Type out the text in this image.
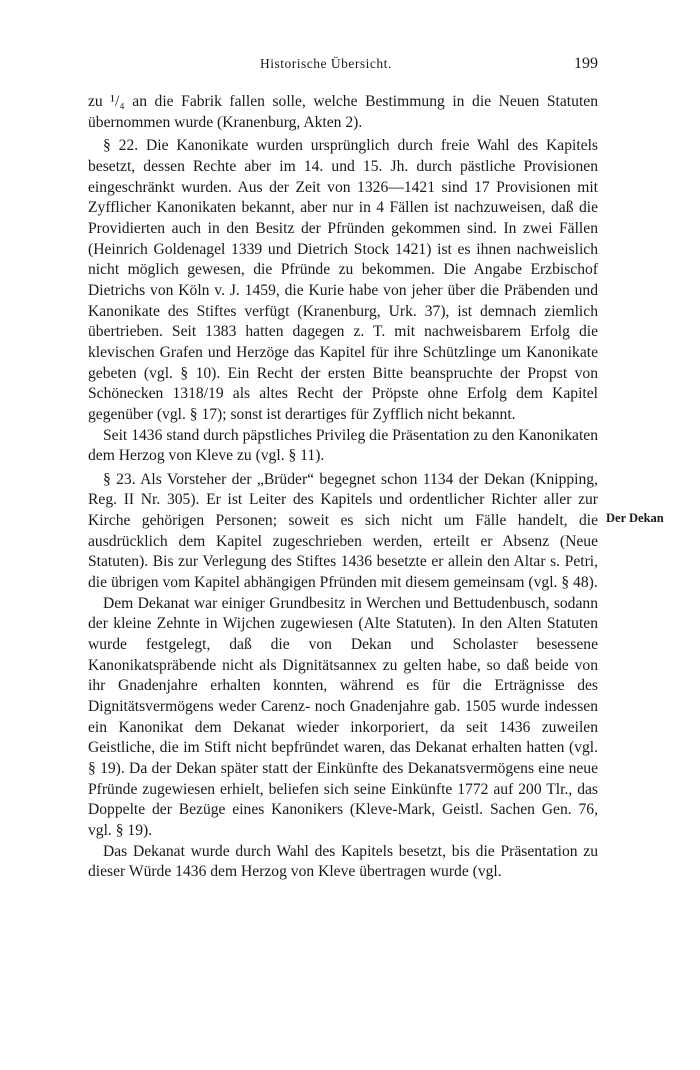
Historische Übersicht.	199

zu ¹/₄ an die Fabrik fallen solle, welche Bestimmung in die Neuen Statuten übernommen wurde (Kranenburg, Akten 2).

§ 22. Die Kanonikate wurden ursprünglich durch freie Wahl des Kapitels besetzt, dessen Rechte aber im 14. und 15. Jh. durch pästliche Provisionen eingeschränkt wurden. Aus der Zeit von 1326—1421 sind 17 Provisionen mit Zyfflicher Kanonikaten bekannt, aber nur in 4 Fällen ist nachzuweisen, daß die Providierten auch in den Besitz der Pfründen gekommen sind. In zwei Fällen (Heinrich Goldenagel 1339 und Dietrich Stock 1421) ist es ihnen nachweislich nicht möglich gewesen, die Pfründe zu bekommen. Die Angabe Erzbischof Dietrichs von Köln v. J. 1459, die Kurie habe von jeher über die Präbenden und Kanonikate des Stiftes verfügt (Kranenburg, Urk. 37), ist demnach ziemlich übertrieben. Seit 1383 hatten dagegen z. T. mit nachweisbarem Erfolg die klevischen Grafen und Herzöge das Kapitel für ihre Schützlinge um Kanonikate gebeten (vgl. § 10). Ein Recht der ersten Bitte beanspruchte der Propst von Schönecken 1318/19 als altes Recht der Pröpste ohne Erfolg dem Kapitel gegenüber (vgl. § 17); sonst ist derartiges für Zyfflich nicht bekannt.

Seit 1436 stand durch päpstliches Privileg die Präsentation zu den Kanonikaten dem Herzog von Kleve zu (vgl. § 11).

§ 23. Als Vorsteher der „Brüder“ begegnet schon 1134 der Dekan (Knipping, Reg. II Nr. 305). Er ist Leiter des Kapitels und ordentlicher Richter aller zur Kirche gehörigen Personen; soweit es sich nicht um Fälle handelt, die ausdrücklich dem Kapitel zugeschrieben werden, erteilt er Absenz (Neue Statuten). Bis zur Verlegung des Stiftes 1436 besetzte er allein den Altar s. Petri, die übrigen vom Kapitel abhängigen Pfründen mit diesem gemeinsam (vgl. § 48).

Dem Dekanat war einiger Grundbesitz in Werchen und Bettudenbusch, sodann der kleine Zehnte in Wijchen zugewiesen (Alte Statuten). In den Alten Statuten wurde festgelegt, daß die von Dekan und Scholaster besessene Kanonikatspräbende nicht als Dignitätsannex zu gelten habe, so daß beide von ihr Gnadenjahre erhalten konnten, während es für die Erträgnisse des Dignitätsvermögens weder Carenz- noch Gnadenjahre gab. 1505 wurde indessen ein Kanonikat dem Dekanat wieder inkorporiert, da seit 1436 zuweilen Geistliche, die im Stift nicht bepfründet waren, das Dekanat erhalten hatten (vgl. § 19). Da der Dekan später statt der Einkünfte des Dekanatsvermögens eine neue Pfründe zugewiesen erhielt, beliefen sich seine Einkünfte 1772 auf 200 Tlr., das Doppelte der Bezüge eines Kanonikers (Kleve-Mark, Geistl. Sachen Gen. 76, vgl. § 19).

Das Dekanat wurde durch Wahl des Kapitels besetzt, bis die Präsentation zu dieser Würde 1436 dem Herzog von Kleve übertragen wurde (vgl.

Der Dekan
